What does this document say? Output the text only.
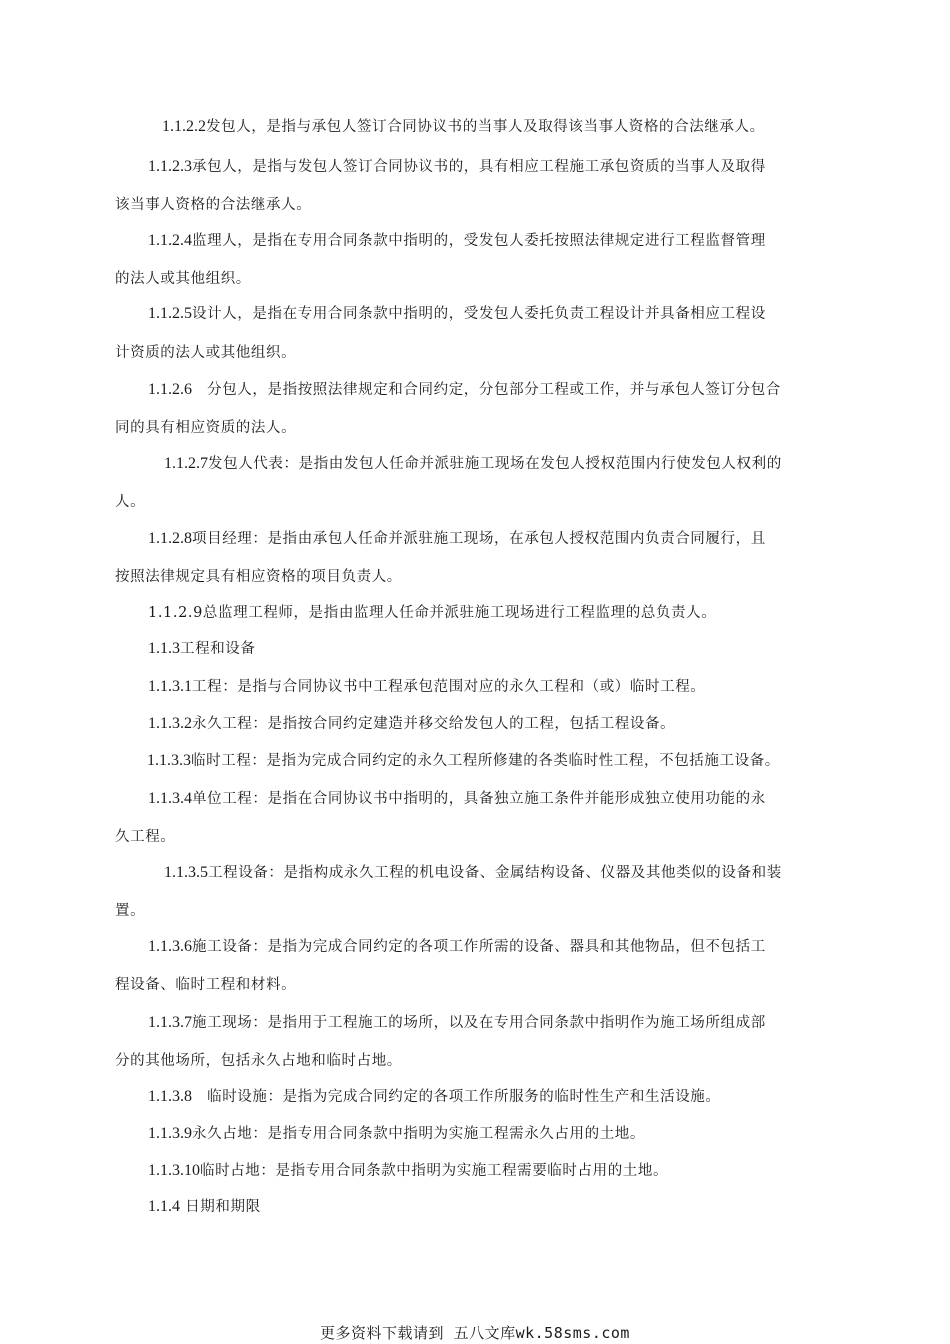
1.1.2.2发包人，是指与承包人签订合同协议书的当事人及取得该当事人资格的合法继承人。
1.1.2.3承包人，是指与发包人签订合同协议书的，具有相应工程施工承包资质的当事人及取得
该当事人资格的合法继承人。
1.1.2.4监理人，是指在专用合同条款中指明的，受发包人委托按照法律规定进行工程监督管理
的法人或其他组织。
1.1.2.5设计人，是指在专用合同条款中指明的，受发包人委托负责工程设计并具备相应工程设
计资质的法人或其他组织。
1.1.2.6　分包人，是指按照法律规定和合同约定，分包部分工程或工作，并与承包人签订分包合
同的具有相应资质的法人。
1.1.2.7发包人代表：是指由发包人任命并派驻施工现场在发包人授权范围内行使发包人权利的
人。
1.1.2.8项目经理：是指由承包人任命并派驻施工现场，在承包人授权范围内负责合同履行，且
按照法律规定具有相应资格的项目负责人。
1.1.2.9总监理工程师，是指由监理人任命并派驻施工现场进行工程监理的总负责人。
1.1.3工程和设备
1.1.3.1工程：是指与合同协议书中工程承包范围对应的永久工程和（或）临时工程。
1.1.3.2永久工程：是指按合同约定建造并移交给发包人的工程，包括工程设备。
1.1.3.3临时工程：是指为完成合同约定的永久工程所修建的各类临时性工程，不包括施工设备。
1.1.3.4单位工程：是指在合同协议书中指明的，具备独立施工条件并能形成独立使用功能的永
久工程。
1.1.3.5工程设备：是指构成永久工程的机电设备、金属结构设备、仪器及其他类似的设备和装
置。
1.1.3.6施工设备：是指为完成合同约定的各项工作所需的设备、器具和其他物品，但不包括工
程设备、临时工程和材料。
1.1.3.7施工现场：是指用于工程施工的场所，以及在专用合同条款中指明作为施工场所组成部
分的其他场所，包括永久占地和临时占地。
1.1.3.8　临时设施：是指为完成合同约定的各项工作所服务的临时性生产和生活设施。
1.1.3.9永久占地：是指专用合同条款中指明为实施工程需永久占用的土地。
1.1.3.10临时占地：是指专用合同条款中指明为实施工程需要临时占用的土地。
1.1.4 日期和期限
更多资料下载请到 五八文库wk.58sms.com
